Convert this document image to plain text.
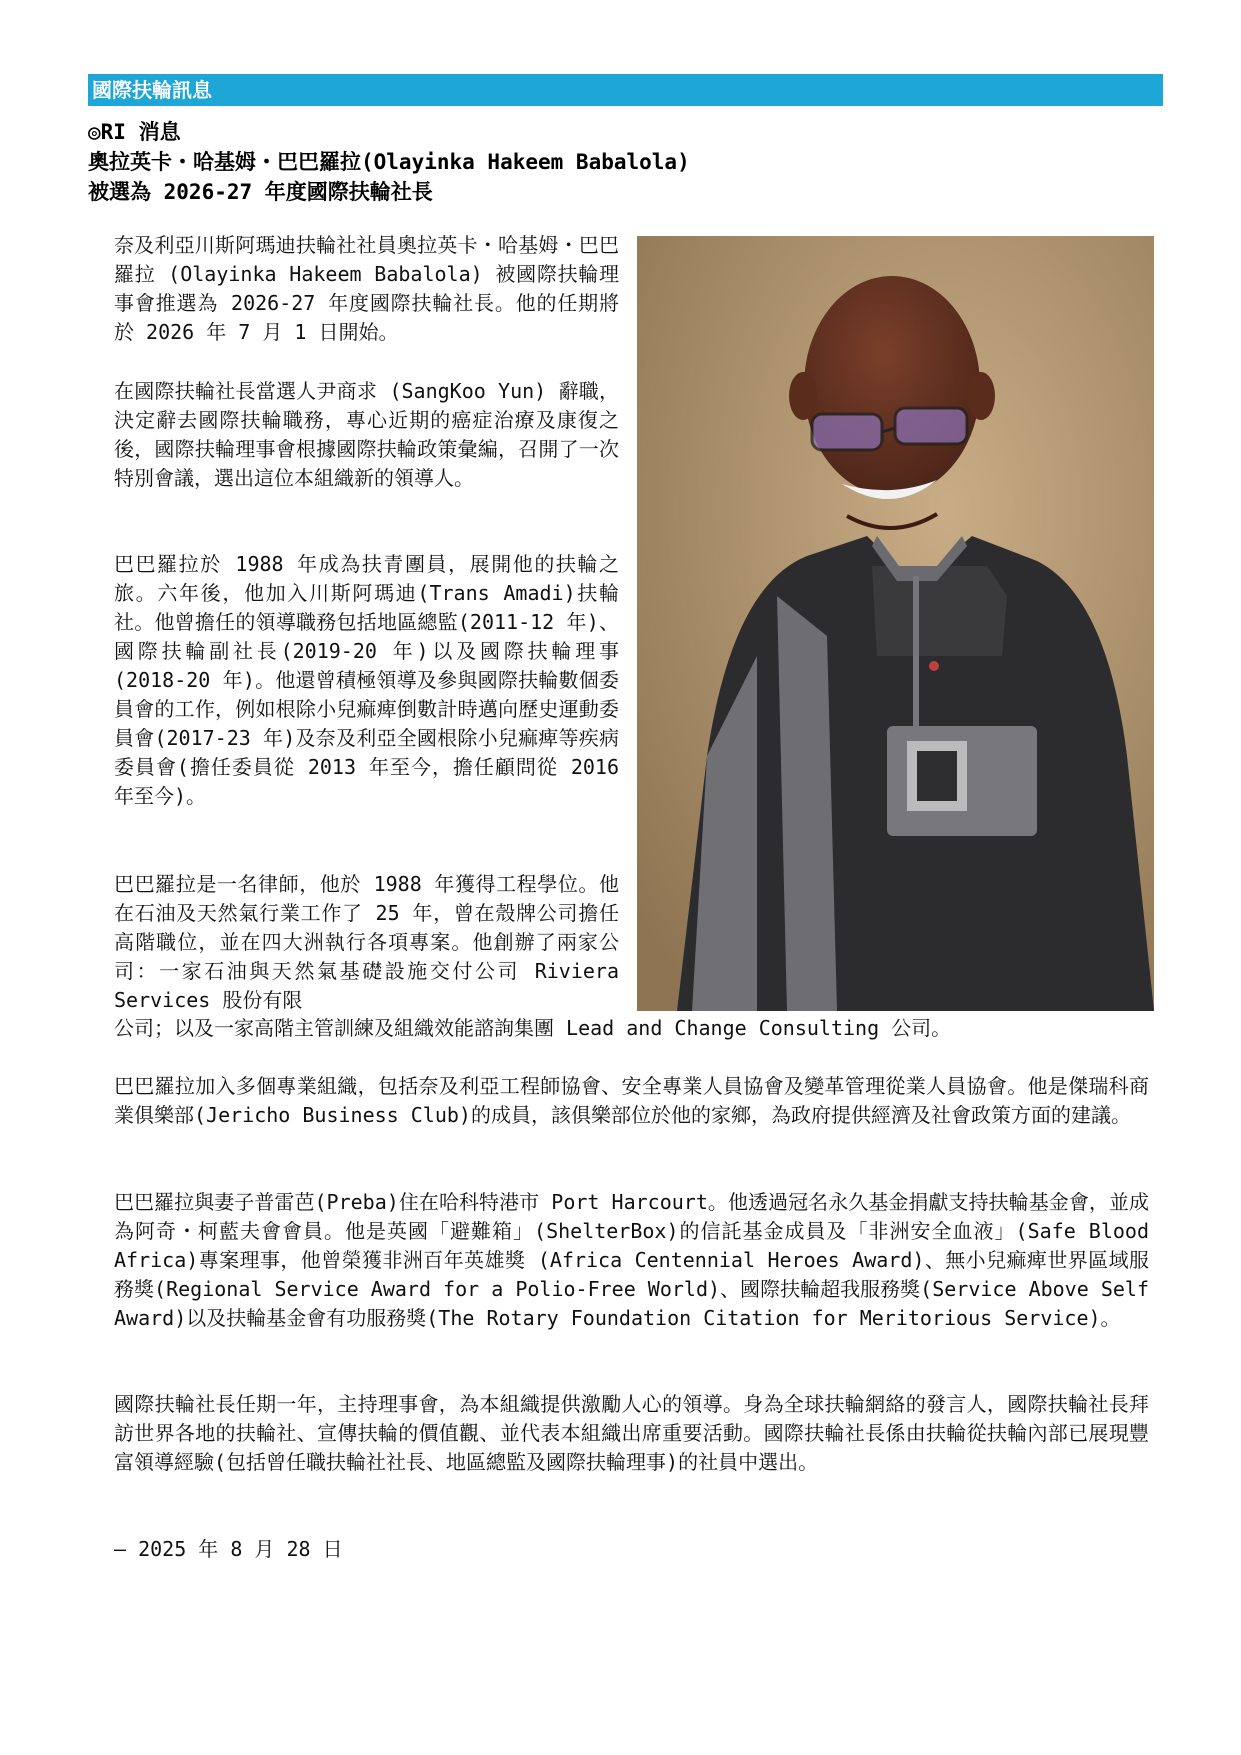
國際扶輪訊息
◎RI 消息
奧拉英卡・哈基姆・巴巴羅拉(Olayinka Hakeem Babalola)
被選為 2026-27 年度國際扶輪社長
奈及利亞川斯阿瑪迪扶輪社社員奧拉英卡・哈基姆・巴巴羅拉 (Olayinka Hakeem Babalola) 被國際扶輪理事會推選為 2026-27 年度國際扶輪社長。他的任期將於 2026 年 7 月 1 日開始。
在國際扶輪社長當選人尹商求 (SangKoo Yun) 辭職，決定辭去國際扶輪職務，專心近期的癌症治療及康復之後，國際扶輪理事會根據國際扶輪政策彙編，召開了一次特別會議，選出這位本組織新的領導人。
巴巴羅拉於 1988 年成為扶青團員，展開他的扶輪之旅。六年後，他加入川斯阿瑪迪(Trans Amadi)扶輪社。他曾擔任的領導職務包括地區總監(2011-12 年)、國際扶輪副社長(2019-20 年)以及國際扶輪理事 (2018-20 年)。他還曾積極領導及參與國際扶輪數個委員會的工作，例如根除小兒痲痺倒數計時邁向歷史運動委員會(2017-23 年)及奈及利亞全國根除小兒痲痺等疾病委員會(擔任委員從 2013 年至今，擔任顧問從 2016 年至今)。
巴巴羅拉是一名律師，他於 1988 年獲得工程學位。他在石油及天然氣行業工作了 25 年，曾在殼牌公司擔任高階職位，並在四大洲執行各項專案。他創辦了兩家公司：一家石油與天然氣基礎設施交付公司 Riviera Services 股份有限
公司；以及一家高階主管訓練及組織效能諮詢集團 Lead and Change Consulting 公司。
巴巴羅拉加入多個專業組織，包括奈及利亞工程師協會、安全專業人員協會及變革管理從業人員協會。他是傑瑞科商業俱樂部(Jericho Business Club)的成員，該俱樂部位於他的家鄉，為政府提供經濟及社會政策方面的建議。
巴巴羅拉與妻子普雷芭(Preba)住在哈科特港市 Port Harcourt。他透過冠名永久基金捐獻支持扶輪基金會，並成為阿奇・柯藍夫會會員。他是英國「避難箱」(ShelterBox)的信託基金成員及「非洲安全血液」(Safe Blood Africa)專案理事，他曾榮獲非洲百年英雄獎 (Africa Centennial Heroes Award)、無小兒痲痺世界區域服務獎(Regional Service Award for a Polio-Free World)、國際扶輪超我服務獎(Service Above Self Award)以及扶輪基金會有功服務獎(The Rotary Foundation Citation for Meritorious Service)。
國際扶輪社長任期一年，主持理事會，為本組織提供激勵人心的領導。身為全球扶輪網絡的發言人，國際扶輪社長拜訪世界各地的扶輪社、宣傳扶輪的價值觀、並代表本組織出席重要活動。國際扶輪社長係由扶輪從扶輪內部已展現豐富領導經驗(包括曾任職扶輪社社長、地區總監及國際扶輪理事)的社員中選出。
— 2025 年 8 月 28 日
